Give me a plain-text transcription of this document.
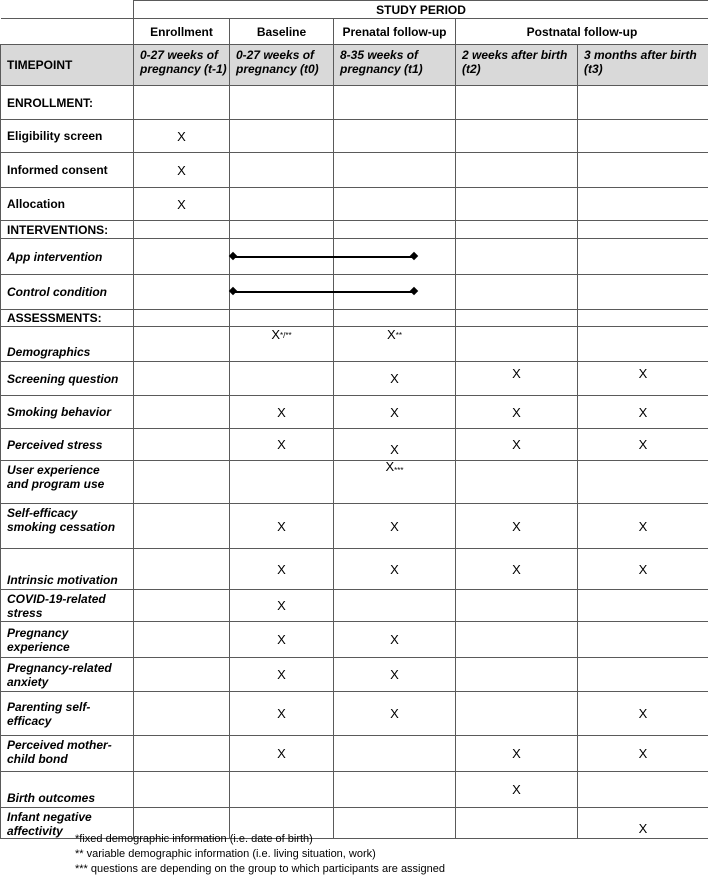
	STUDY PERIOD				
	Enrollment	Baseline	Prenatal follow-up	Postnatal follow-up	
TIMEPOINT	0-27 weeks of pregnancy (t-1)	0-27 weeks of pregnancy (t0)	8-35 weeks of pregnancy (t1)	2 weeks after birth (t2)	3 months after birth (t3)
ENROLLMENT:					
Eligibility screen	X				
Informed consent	X				
Allocation	X				
INTERVENTIONS:					
App intervention					
Control condition					
ASSESSMENTS:					
Demographics		X*/**	X**		
Screening question			X	X	X
Smoking behavior		X	X	X	X
Perceived stress		X	X	X	X
User experience
and program use			X***		
Self-efficacy
smoking cessation		X	X	X	X
Intrinsic motivation		X	X	X	X
COVID-19-related
stress		X			
Pregnancy
experience		X	X		
Pregnancy-related
anxiety		X	X		
Parenting self-
efficacy		X	X		X
Perceived mother-
child bond		X		X	X
Birth outcomes				X	
Infant negative
affectivity					X
*fixed demographic information (i.e. date of birth)
** variable demographic information (i.e. living situation, work)
*** questions are depending on the group to which participants are assigned
